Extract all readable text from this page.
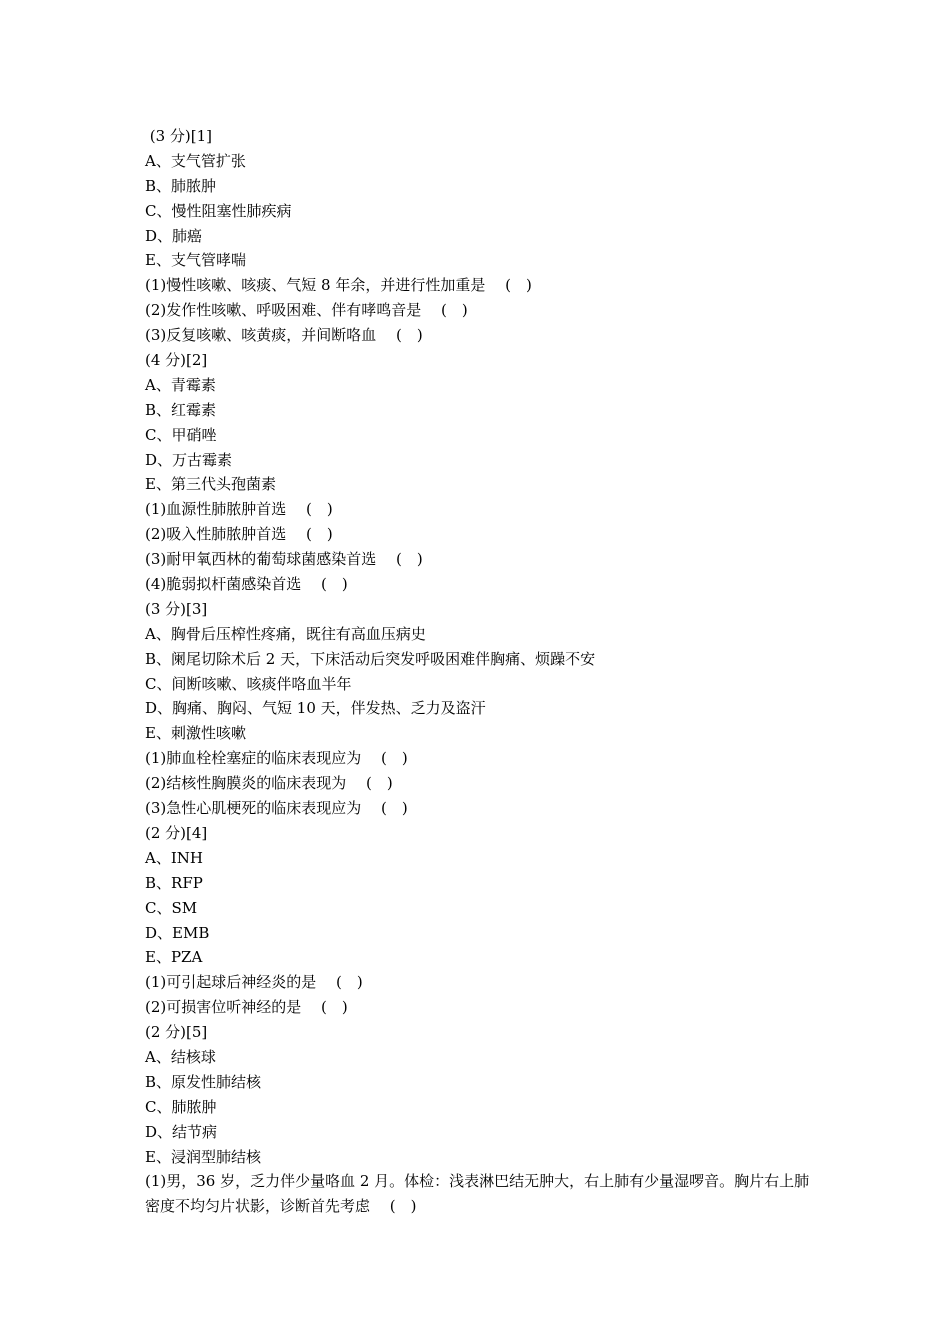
(3 分)[1]
A、支气管扩张
B、肺脓肿
C、慢性阻塞性肺疾病
D、肺癌
E、支气管哮喘
(1)慢性咳嗽、咳痰、气短 8 年余，并进行性加重是　 (　)
(2)发作性咳嗽、呼吸困难、伴有哮鸣音是　 (　)
(3)反复咳嗽、咳黄痰，并间断咯血　 (　)
(4 分)[2]
A、青霉素
B、红霉素
C、甲硝唑
D、万古霉素
E、第三代头孢菌素
(1)血源性肺脓肿首选　 (　)
(2)吸入性肺脓肿首选　 (　)
(3)耐甲氧西林的葡萄球菌感染首选　 (　)
(4)脆弱拟杆菌感染首选　 (　)
(3 分)[3]
A、胸骨后压榨性疼痛，既往有高血压病史
B、阑尾切除术后 2 天，下床活动后突发呼吸困难伴胸痛、烦躁不安
C、间断咳嗽、咳痰伴咯血半年
D、胸痛、胸闷、气短 10 天，伴发热、乏力及盗汗
E、刺激性咳嗽
(1)肺血栓栓塞症的临床表现应为　 (　)
(2)结核性胸膜炎的临床表现为　 (　)
(3)急性心肌梗死的临床表现应为　 (　)
(2 分)[4]
A、INH
B、RFP
C、SM
D、EMB
E、PZA
(1)可引起球后神经炎的是　 (　)
(2)可损害位听神经的是　 (　)
(2 分)[5]
A、结核球
B、原发性肺结核
C、肺脓肿
D、结节病
E、浸润型肺结核
(1)男，36 岁，乏力伴少量咯血 2 月。体检：浅表淋巴结无肿大，右上肺有少量湿啰音。胸片右上肺密度不均匀片状影，诊断首先考虑　 (　)
